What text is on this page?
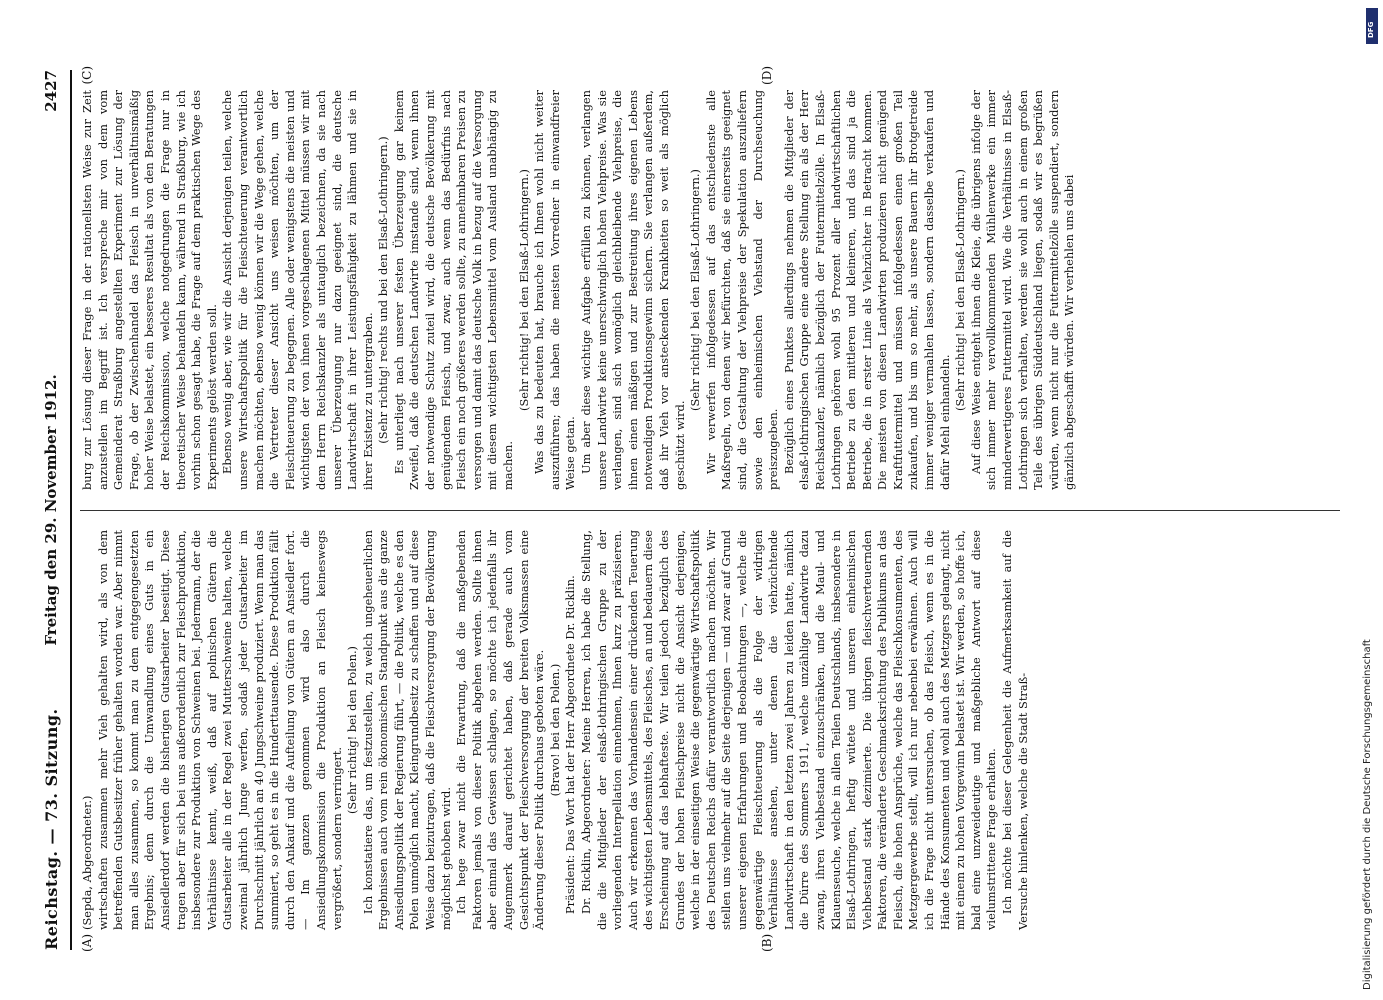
Reichstag. — 73. Sitzung.
Freitag den 29. November 1912.
2427
(A)	(B)
(C)	(D)

(Sepda, Abgeordneter.) wirtschaften zusammen mehr Vieh gehalten wird, als von dem betreffenden Gutsbesitzer früher gehalten worden war. Aber nimmt man alles zusammen, so kommt man zu dem entgegengesetzten Ergebnis; denn durch die Umwandlung eines Guts in ein Ansiedlerdorf werden die bisherigen Gutsarbeiter beseitigt. Diese tragen aber für sich bei uns außerordentlich zur Fleischproduktion, insbesondere zur Produktion von Schweinen bei. Jedermann, der die Verhältnisse kennt, weiß, daß auf polnischen Gütern die Gutsarbeiter alle in der Regel zwei Mutterschweine halten, welche zweimal jährlich Junge werfen, sodaß jeder Gutsarbeiter im Durchschnitt jährlich an 40 Jungschweine produziert. Wenn man das summiert, so geht es in die Hunderttausende. Diese Produktion fällt durch den Ankauf und die Aufteilung von Gütern an Ansiedler fort. — Im ganzen genommen wird also durch die Ansiedlungskommission die Produktion an Fleisch keineswegs vergrößert, sondern verringert.

(Sehr richtig! bei den Polen.) Ich konstatiere das, um festzustellen, zu welch ungeheuerlichen Ergebnissen auch vom rein ökonomischen Standpunkt aus die ganze Ansiedlungspolitik der Regierung führt, — die Politik, welche es den Polen unmöglich macht, Kleingrundbesitz zu schaffen und auf diese Weise dazu beizutragen, daß die Fleischversorgung der Bevölkerung möglichst gehoben wird. Ich hege zwar nicht die Erwartung, daß die maßgebenden Faktoren jemals von dieser Politik abgehen werden. Sollte ihnen aber einmal das Gewissen schlagen, so möchte ich jedenfalls ihr Augenmerk darauf gerichtet haben, daß gerade auch vom Gesichtspunkt der Fleischversorgung der breiten Volksmassen eine Änderung dieser Politik durchaus geboten wäre. (Bravo! bei den Polen.) Präsident: Das Wort hat der Herr Abgeordnete Dr. Ricklin. Dr. Ricklin, Abgeordneter: Meine Herren, ich habe die Stellung, die die Mitglieder der elsaß-lothringischen Gruppe zu der vorliegenden Interpellation einnehmen, Ihnen kurz zu präzisieren. Auch wir erkennen das Vorhandensein einer drückenden Teuerung des wichtigsten Lebensmittels, des Fleisches, an und bedauern diese Erscheinung auf das lebhafteste. Wir teilen jedoch bezüglich des Grundes der hohen Fleischpreise nicht die Ansicht derjenigen, welche in der einseitigen Weise die gegenwärtige Wirtschaftspolitik des Deutschen Reichs dafür verantwortlich machen möchten. Wir stellen uns vielmehr auf die Seite derjenigen — und zwar auf Grund unserer eigenen Erfahrungen und Beobachtungen —, welche die gegenwärtige Fleischteuerung als die Folge der widrigen Verhältnisse ansehen, unter denen die viehzüchtende Landwirtschaft in den letzten zwei Jahren zu leiden hatte, nämlich die Dürre des Sommers 1911, welche unzählige Landwirte dazu zwang, ihren Viehbestand einzuschränken, und die Maul- und Klauenseuche, welche in allen Teilen Deutschlands, insbesondere in Elsaß-Lothringen, heftig wütete und unseren einheimischen Viehbestand stark dezimierte. Die übrigen fleischverteuernden Faktoren, die veränderte Geschmacksrichtung des Publikums an das Fleisch, die hohen Ansprüche, welche das Fleischkonsumenten, des Metzgergewerbe stellt, will ich nur nebenbei erwähnen. Auch will ich die Frage nicht untersuchen, ob das Fleisch, wenn es in die Hände des Konsumenten und wohl auch des Metzgers gelangt, nicht mit einem zu hohen Vorgewinn belastet ist. Wir werden, so hoffe ich, bald eine unzweideutige und maßgebliche Antwort auf diese vielumstrittene Frage erhalten. Ich möchte bei dieser Gelegenheit die Aufmerksamkeit auf die Versuche hinlenken, welche die Stadt Straß-

burg zur Lösung dieser Frage in der rationellsten Weise zur Zeit anzustellen im Begriff ist. Ich verspreche mir von dem vom Gemeinderat Straßburg angestellten Experiment zur Lösung der Frage, ob der Zwischenhandel das Fleisch in unverhältnismäßig hoher Weise belastet, ein besseres Resultat als von den Beratungen der Reichskommission, welche notgedrungen die Frage nur in theoretischer Weise behandeln kann, während in Straßburg, wie ich vorhin schon gesagt habe, die Frage auf dem praktischen Wege des Experiments gelöst werden soll. Ebenso wenig aber, wie wir die Ansicht derjenigen teilen, welche unsere Wirtschaftspolitik für die Fleischteuerung verantwortlich machen möchten, ebenso wenig können wir die Wege gehen, welche die Vertreter dieser Ansicht uns weisen möchten, um der Fleischteuerung zu begegnen. Alle oder wenigstens die meisten und wichtigsten der von ihnen vorgeschlagenen Mittel müssen wir mit dem Herrn Reichskanzler als untauglich bezeichnen, da sie nach unserer Überzeugung nur dazu geeignet sind, die deutsche Landwirtschaft in ihrer Leistungsfähigkeit zu lähmen und sie in ihrer Existenz zu untergraben. (Sehr richtig! rechts und bei den Elsaß-Lothringern.) Es unterliegt nach unserer festen Überzeugung gar keinem Zweifel, daß die deutschen Landwirte imstande sind, wenn ihnen der notwendige Schutz zuteil wird, die deutsche Bevölkerung mit genügendem Fleisch, und zwar, auch wenn das Bedürfnis nach Fleisch ein noch größeres werden sollte, zu annehmbaren Preisen zu versorgen und damit das deutsche Volk in bezug auf die Versorgung mit diesem wichtigsten Lebensmittel vom Ausland unabhängig zu machen.

(Sehr richtig! bei den Elsaß-Lothringern.) Was das zu bedeuten hat, brauche ich Ihnen wohl nicht weiter auszuführen; das haben die meisten Vorredner in einwandfreier Weise getan. Um aber diese wichtige Aufgabe erfüllen zu können, verlangen unsere Landwirte keine unerschwinglich hohen Viehpreise. Was sie verlangen, sind sich womöglich gleichbleibende Viehpreise, die ihnen einen mäßigen und zur Bestreitung ihres eigenen Lebens notwendigen Produktionsgewinn sichern. Sie verlangen außerdem, daß ihr Vieh vor ansteckenden Krankheiten so weit als möglich geschützt wird.

(Sehr richtig! bei den Elsaß-Lothringern.) Wir verwerfen infolgedessen auf das entschiedenste alle Maßregeln, von denen wir befürchten, daß sie einerseits geeignet sind, die Gestaltung der Viehpreise der Spekulation auszuliefern sowie den einheimischen Viehstand der Durchseuchung preiszugeben. Bezüglich eines Punktes allerdings nehmen die Mitglieder der elsaß-lothringischen Gruppe eine andere Stellung ein als der Herr Reichskanzler, nämlich bezüglich der Futtermittelzölle. In Elsaß-Lothringen gehören wohl 95 Prozent aller landwirtschaftlichen Betriebe zu den mittleren und kleineren, und das sind ja die Betriebe, die in erster Linie als Viehzüchter in Betracht kommen. Die meisten von diesen Landwirten produzieren nicht genügend Kraftfuttermittel und müssen infolgedessen einen großen Teil zukaufen, und bis um so mehr, als unsere Bauern ihr Brotgetreide immer weniger vermahlen lassen, sondern dasselbe verkaufen und dafür Mehl einhandeln.

(Sehr richtig! bei den Elsaß-Lothringern.) Auf diese Weise entgeht ihnen die Kleie, die übrigens infolge der sich immer mehr vervollkommnenden Mühlenwerke ein immer minderwertigeres Futtermittel wird. Wie die Verhältnisse in Elsaß-Lothringen sich verhalten, werden sie wohl auch in einem großen Teile des übrigen Süddeutschland liegen, sodaß wir es begrüßen würden, wenn nicht nur die Futtermittelzölle suspendiert, sondern gänzlich abgeschafft würden. Wir verhehlen uns dabei

DFG
Digitalisierung gefördert durch die Deutsche Forschungsgemeinschaft
